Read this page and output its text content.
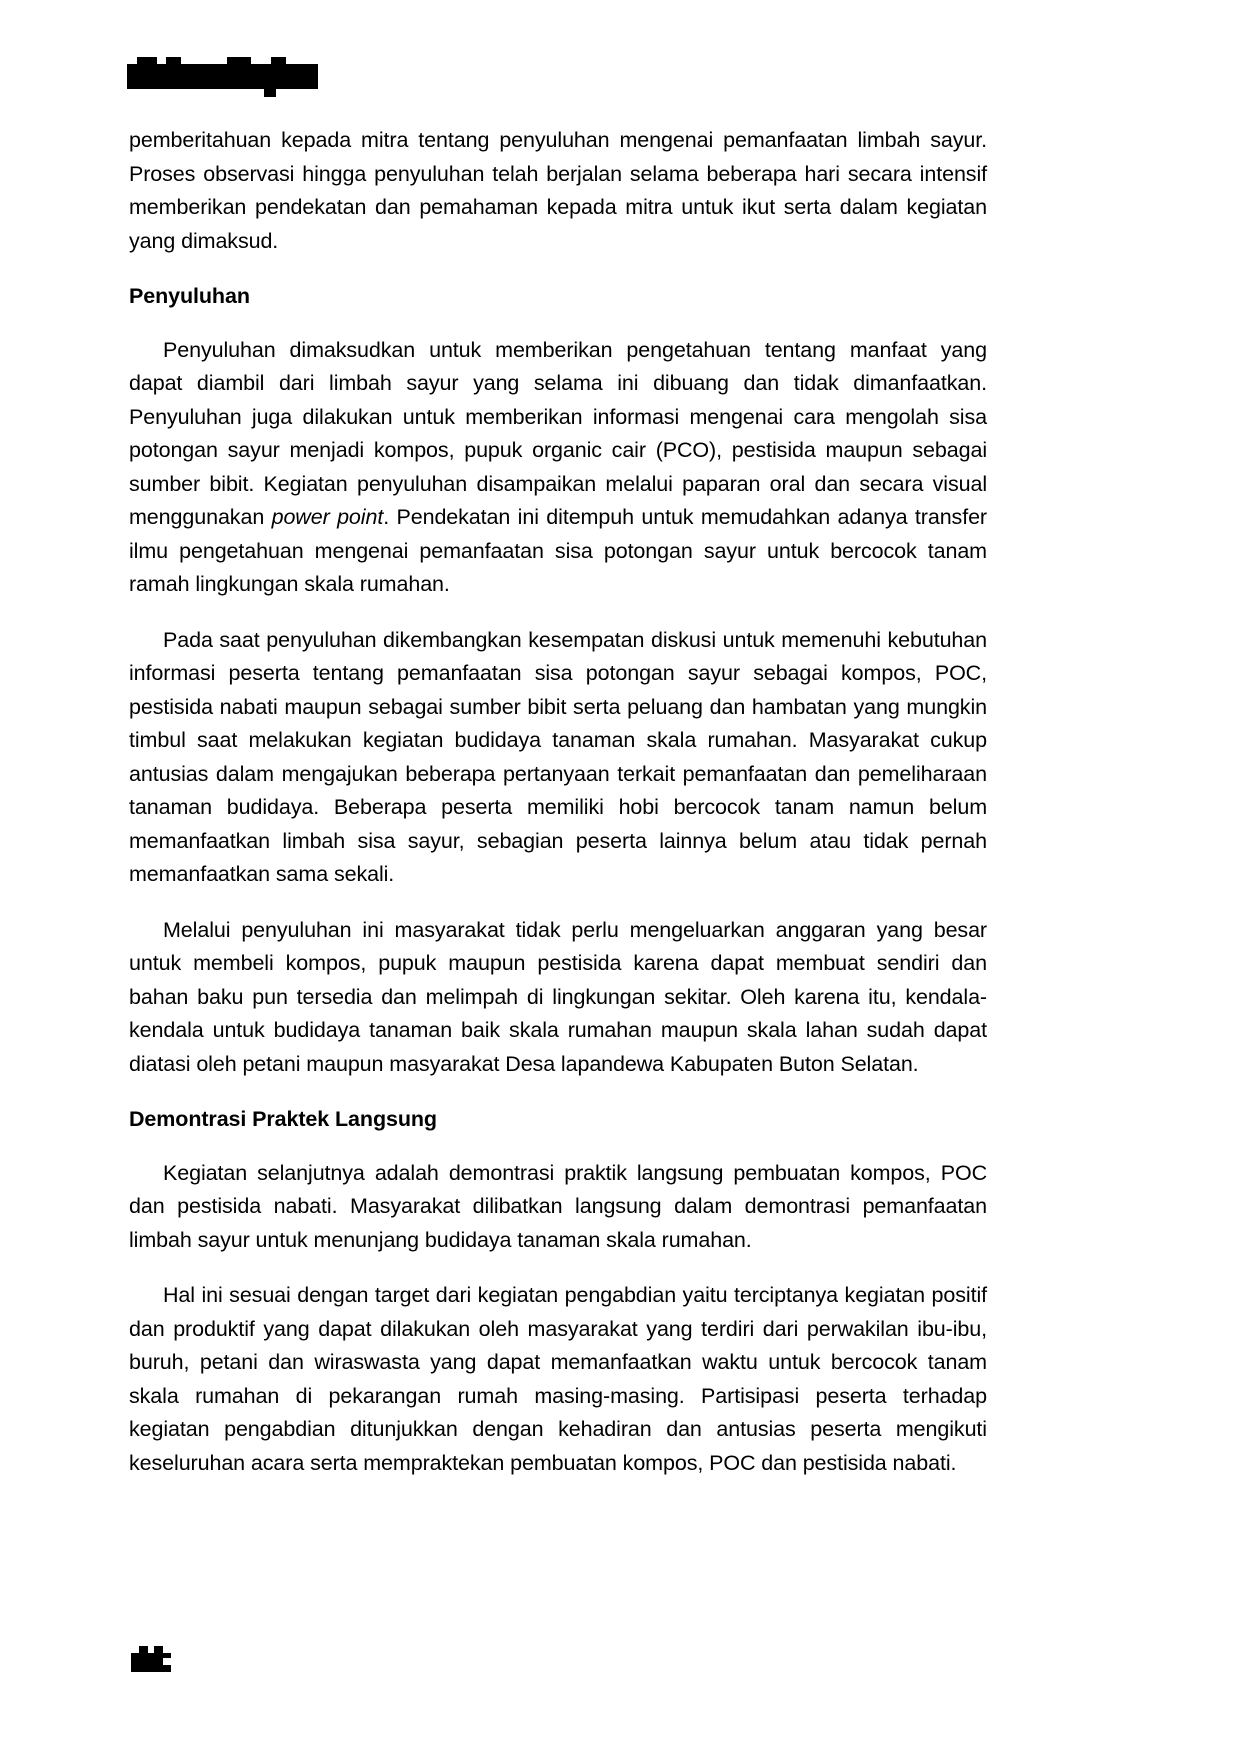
pemberitahuan kepada mitra tentang penyuluhan mengenai pemanfaatan limbah sayur. Proses observasi hingga penyuluhan telah berjalan selama beberapa hari secara intensif memberikan pendekatan dan pemahaman kepada mitra untuk ikut serta dalam kegiatan yang dimaksud.

Penyuluhan

Penyuluhan dimaksudkan untuk memberikan pengetahuan tentang manfaat yang dapat diambil dari limbah sayur yang selama ini dibuang dan tidak dimanfaatkan. Penyuluhan juga dilakukan untuk memberikan informasi mengenai cara mengolah sisa potongan sayur menjadi kompos, pupuk organic cair (PCO), pestisida maupun sebagai sumber bibit. Kegiatan penyuluhan disampaikan melalui paparan oral dan secara visual menggunakan power point. Pendekatan ini ditempuh untuk memudahkan adanya transfer ilmu pengetahuan mengenai pemanfaatan sisa potongan sayur untuk bercocok tanam ramah lingkungan skala rumahan.

Pada saat penyuluhan dikembangkan kesempatan diskusi untuk memenuhi kebutuhan informasi peserta tentang pemanfaatan sisa potongan sayur sebagai kompos, POC, pestisida nabati maupun sebagai sumber bibit serta peluang dan hambatan yang mungkin timbul saat melakukan kegiatan budidaya tanaman skala rumahan. Masyarakat cukup antusias dalam mengajukan beberapa pertanyaan terkait pemanfaatan dan pemeliharaan tanaman budidaya. Beberapa peserta memiliki hobi bercocok tanam namun belum memanfaatkan limbah sisa sayur, sebagian peserta lainnya belum atau tidak pernah memanfaatkan sama sekali.

Melalui penyuluhan ini masyarakat tidak perlu mengeluarkan anggaran yang besar untuk membeli kompos, pupuk maupun pestisida karena dapat membuat sendiri dan bahan baku pun tersedia dan melimpah di lingkungan sekitar. Oleh karena itu, kendala-kendala untuk budidaya tanaman baik skala rumahan maupun skala lahan sudah dapat diatasi oleh petani maupun masyarakat Desa lapandewa Kabupaten Buton Selatan.

Demontrasi Praktek Langsung

Kegiatan selanjutnya adalah demontrasi praktik langsung pembuatan kompos, POC dan pestisida nabati. Masyarakat dilibatkan langsung dalam demontrasi pemanfaatan limbah sayur untuk menunjang budidaya tanaman skala rumahan.

Hal ini sesuai dengan target dari kegiatan pengabdian yaitu terciptanya kegiatan positif dan produktif yang dapat dilakukan oleh masyarakat yang terdiri dari perwakilan ibu-ibu, buruh, petani dan wiraswasta yang dapat memanfaatkan waktu untuk bercocok tanam skala rumahan di pekarangan rumah masing-masing. Partisipasi peserta terhadap kegiatan pengabdian ditunjukkan dengan kehadiran dan antusias peserta mengikuti keseluruhan acara serta mempraktekan pembuatan kompos, POC dan pestisida nabati.
